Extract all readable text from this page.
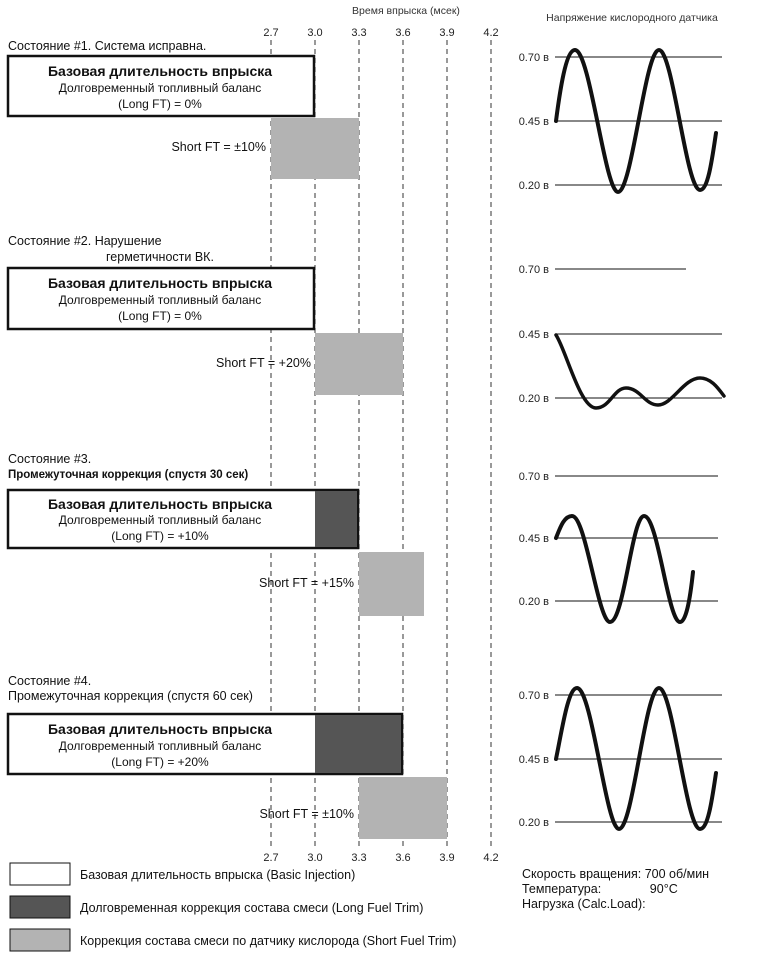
Время впрыска (мсек)
2.7	3.0	3.3	3.6	3.9	4.2
Напряжение кислородного датчика
Состояние #1. Система исправна.
Базовая длительность впрыска
Долговременный топливный баланс
(Long FT) = 0%
Short FT = ±10%
Состояние #2. Нарушение
герметичности ВК.
Базовая длительность впрыска
Долговременный топливный баланс
(Long FT) = 0%
Short FT = +20%
Состояние #3.
Промежуточная коррекция (спустя 30 сек)
Базовая длительность впрыска
Долговременный топливный баланс
(Long FT) = +10%
Short FT = +15%
Состояние #4.
Промежуточная коррекция (спустя 60 сек)
Базовая длительность впрыска
Долговременный топливный баланс
(Long FT) = +20%
Short FT = ±10%
2.7	3.0	3.3	3.6	3.9	4.2
0.70 в
0.45 в
0.20 в
0.70 в
0.45 в
0.20 в
0.70 в
0.45 в
0.20 в
0.70 в
0.45 в
0.20 в
Базовая длительность впрыска (Basic Injection)
Долговременная коррекция состава смеси (Long Fuel Trim)
Коррекция состава смеси по датчику кислорода (Short Fuel Trim)
Скорость вращения: 700 об/мин
Температура:              90°C
Нагрузка (Calc.Load):
